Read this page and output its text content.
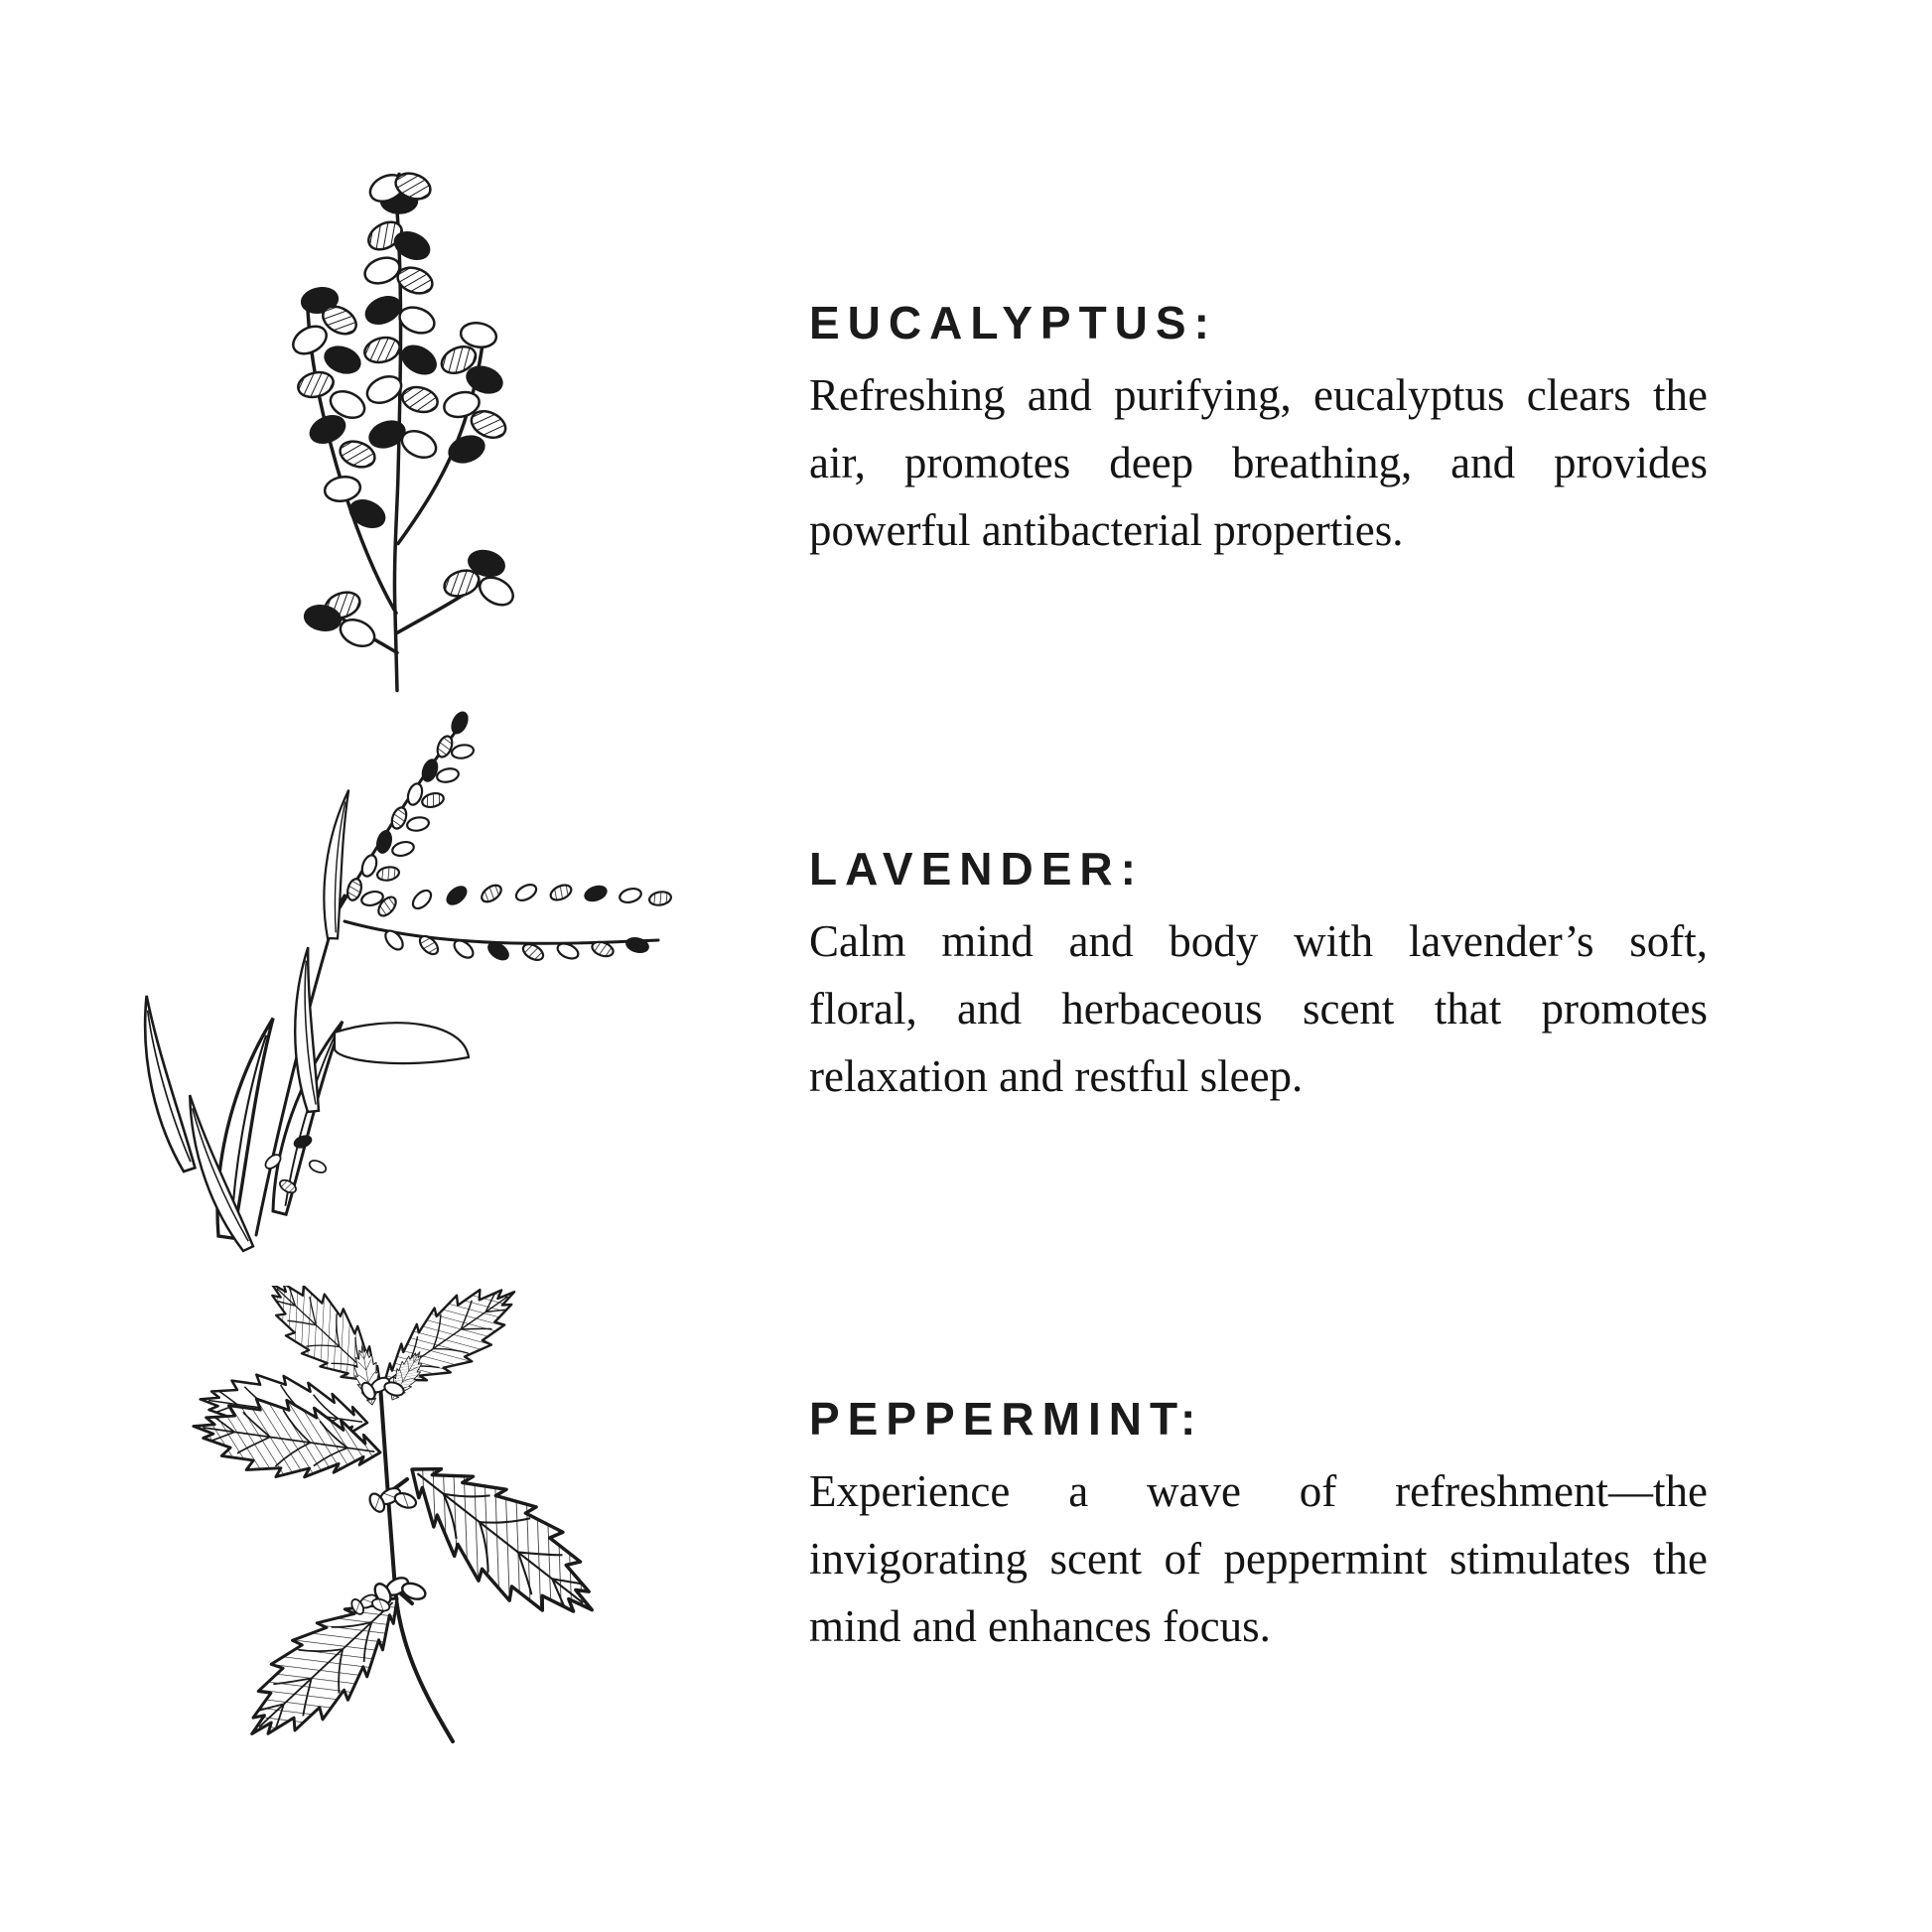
EUCALYPTUS:

Refreshing and purifying, eucalyptus clears the

air, promotes deep breathing, and provides

powerful antibacterial properties.

LAVENDER:

Calm mind and body with lavender’s soft,

floral, and herbaceous scent that promotes

relaxation and restful sleep.

PEPPERMINT:

Experience a wave of refreshment—the

invigorating scent of peppermint stimulates the

mind and enhances focus.
